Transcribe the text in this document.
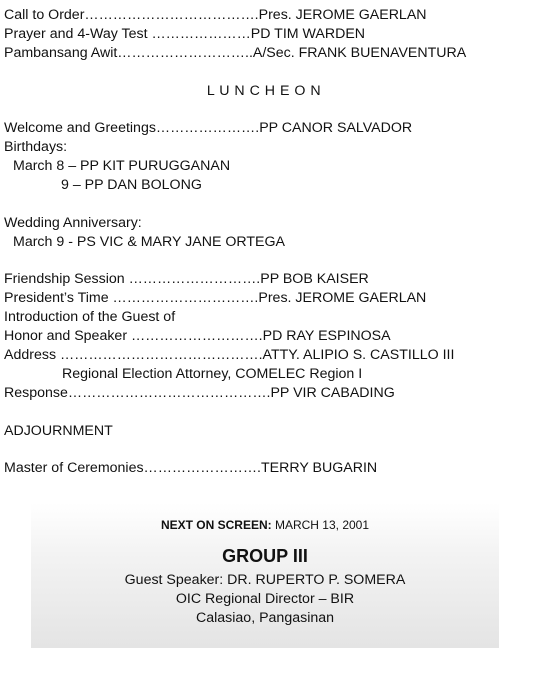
Call to Order……………………………….Pres. JEROME GAERLAN
Prayer and 4-Way Test …………………PD TIM WARDEN
Pambansang Awit………………………..A/Sec. FRANK BUENAVENTURA
L U N C H E O N
Welcome and Greetings………………….PP CANOR SALVADOR
Birthdays:
March 8 – PP KIT PURUGGANAN
9 – PP DAN BOLONG
Wedding Anniversary:
March 9 - PS VIC & MARY JANE ORTEGA
Friendship Session ……………………….PP BOB KAISER
President’s Time ………………………….Pres. JEROME GAERLAN
Introduction of the Guest of
Honor and Speaker ……………………….PD RAY ESPINOSA
Address …………………………………….ATTY. ALIPIO S. CASTILLO III
Regional Election Attorney, COMELEC Region I
Response…………………………………….PP VIR CABADING
ADJOURNMENT
Master of Ceremonies…………………….TERRY BUGARIN
NEXT ON SCREEN: MARCH 13, 2001
GROUP III
Guest Speaker: DR. RUPERTO P. SOMERA
OIC Regional Director – BIR
Calasiao, Pangasinan
